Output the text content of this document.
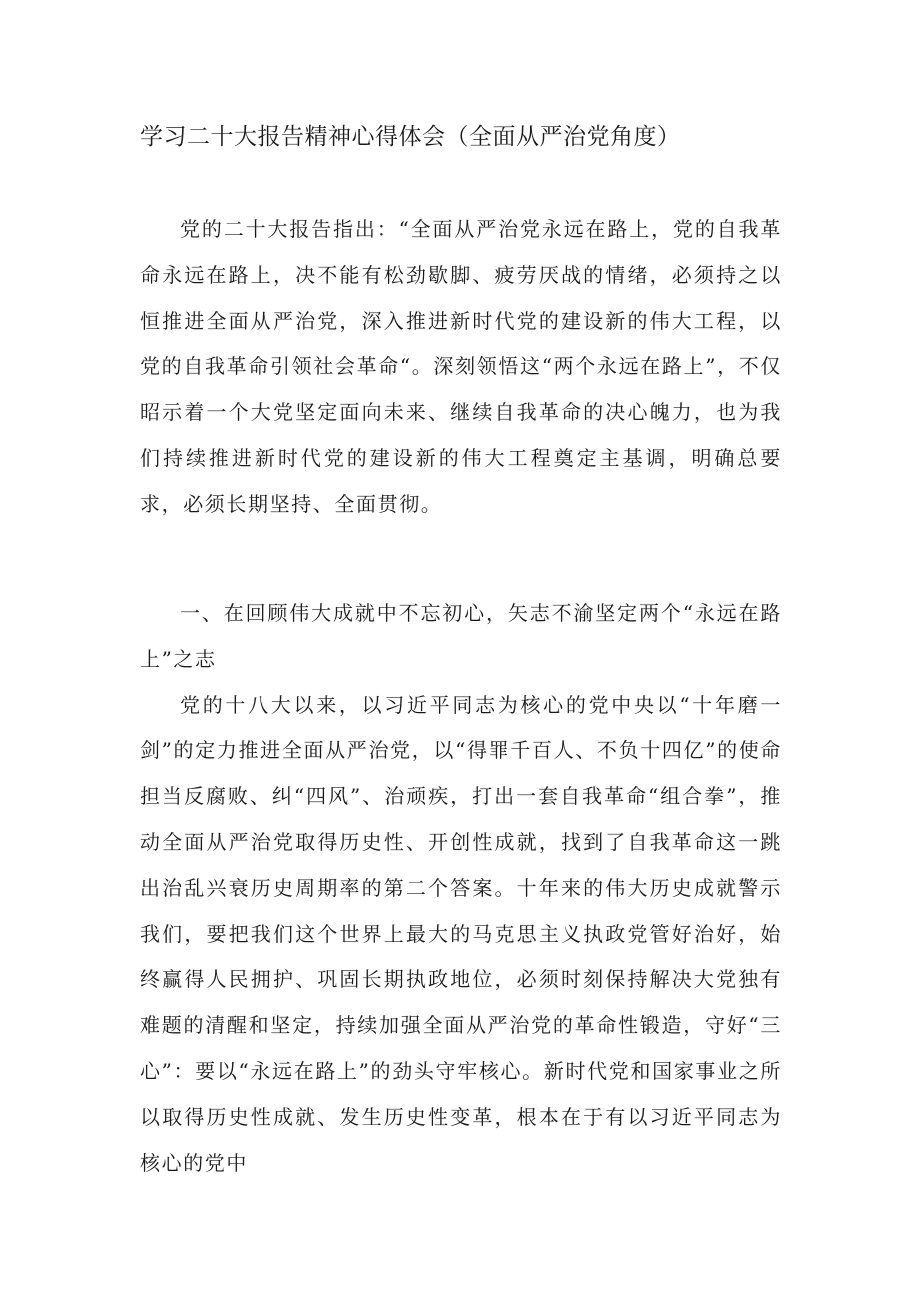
学习二十大报告精神心得体会（全面从严治党角度）

党的二十大报告指出：“全面从严治党永远在路上，党的自我革命永远在路上，决不能有松劲歇脚、疲劳厌战的情绪，必须持之以恒推进全面从严治党，深入推进新时代党的建设新的伟大工程，以党的自我革命引领社会革命“。深刻领悟这“两个永远在路上”，不仅昭示着一个大党坚定面向未来、继续自我革命的决心魄力，也为我们持续推进新时代党的建设新的伟大工程奠定主基调，明确总要求，必须长期坚持、全面贯彻。

一、在回顾伟大成就中不忘初心，矢志不渝坚定两个“永远在路上”之志

党的十八大以来，以习近平同志为核心的党中央以“十年磨一剑”的定力推进全面从严治党，以“得罪千百人、不负十四亿”的使命担当反腐败、纠“四风”、治顽疾，打出一套自我革命“组合拳”，推动全面从严治党取得历史性、开创性成就，找到了自我革命这一跳出治乱兴衰历史周期率的第二个答案。十年来的伟大历史成就警示我们，要把我们这个世界上最大的马克思主义执政党管好治好，始终赢得人民拥护、巩固长期执政地位，必须时刻保持解决大党独有难题的清醒和坚定，持续加强全面从严治党的革命性锻造，守好“三心”：要以“永远在路上”的劲头守牢核心。新时代党和国家事业之所以取得历史性成就、发生历史性变革，根本在于有以习近平同志为核心的党中
